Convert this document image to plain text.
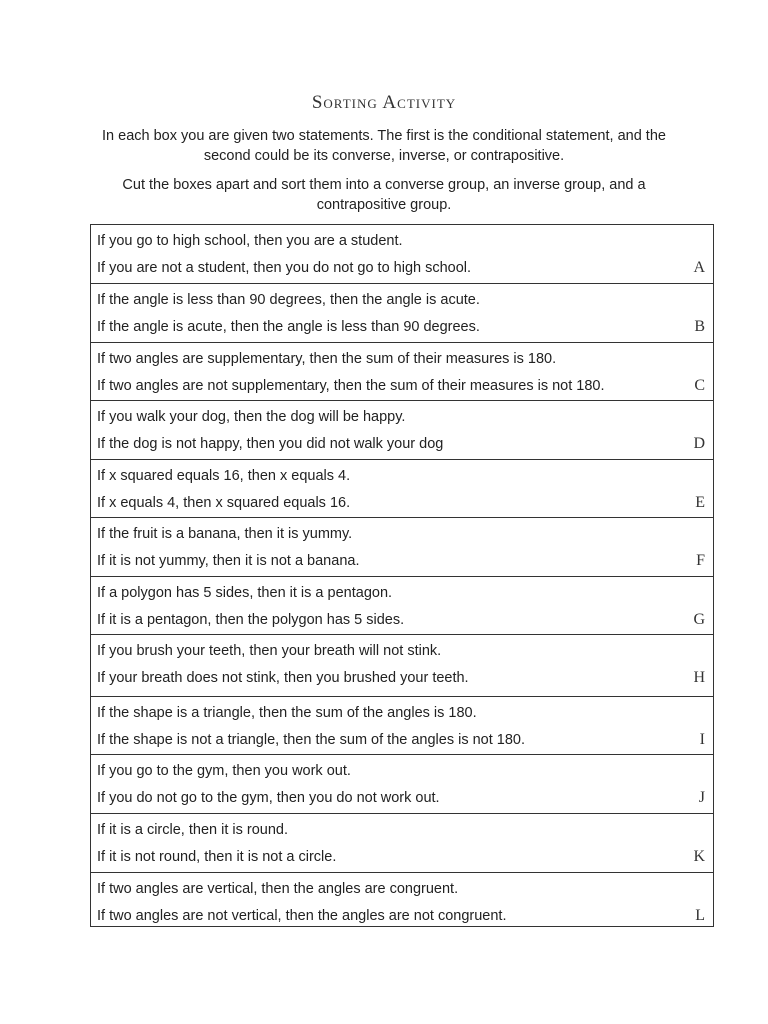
Sorting Activity
In each box you are given two statements. The first is the conditional statement, and the second could be its converse, inverse, or contrapositive.
Cut the boxes apart and sort them into a converse group, an inverse group, and a contrapositive group.
If you go to high school, then you are a student.
If you are not a student, then you do not go to high school.	A
If the angle is less than 90 degrees, then the angle is acute.
If the angle is acute, then the angle is less than 90 degrees.	B
If two angles are supplementary, then the sum of their measures is 180.
If two angles are not supplementary, then the sum of their measures is not 180.	C
If you walk your dog, then the dog will be happy.
If the dog is not happy, then you did not walk your dog	D
If x squared equals 16, then x equals 4.
If x equals 4, then x squared equals 16.	E
If the fruit is a banana, then it is yummy.
If it is not yummy, then it is not a banana.	F
If a polygon has 5 sides, then it is a pentagon.
If it is a pentagon, then the polygon has 5 sides.	G
If you brush your teeth, then your breath will not stink.
If your breath does not stink, then you brushed your teeth.	H
If the shape is a triangle, then the sum of the angles is 180.
If the shape is not a triangle, then the sum of the angles is not 180.	I
If you go to the gym, then you work out.
If you do not go to the gym, then you do not work out.	J
If it is a circle, then it is round.
If it is not round, then it is not a circle.	K
If two angles are vertical, then the angles are congruent.
If two angles are not vertical, then the angles are not congruent.	L
